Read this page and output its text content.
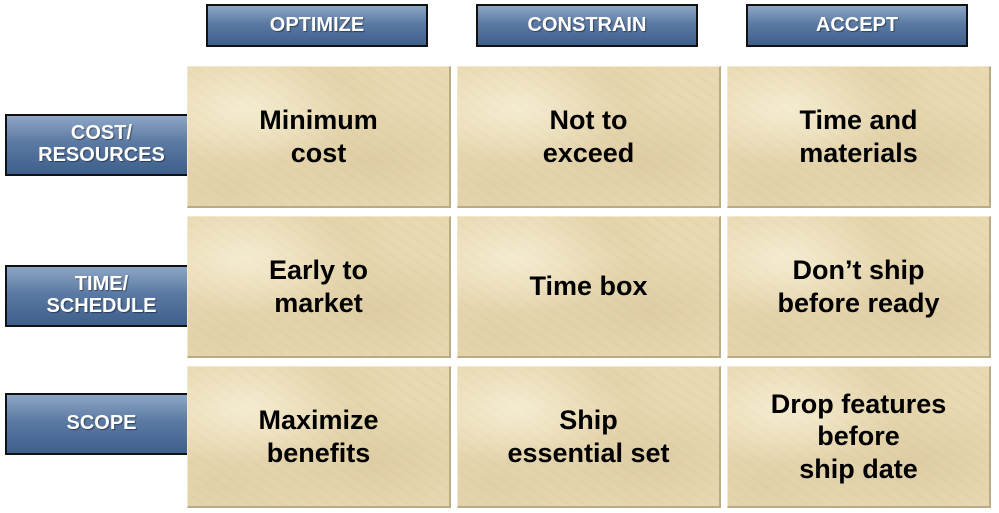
OPTIMIZE	CONSTRAIN	ACCEPT
COST/
RESOURCES
TIME/
SCHEDULE
SCOPE
Minimum
cost
Not to
exceed
Time and
materials
Early to
market
Time box
Don’t ship
before ready
Maximize
benefits
Ship
essential set
Drop features
before
ship date
